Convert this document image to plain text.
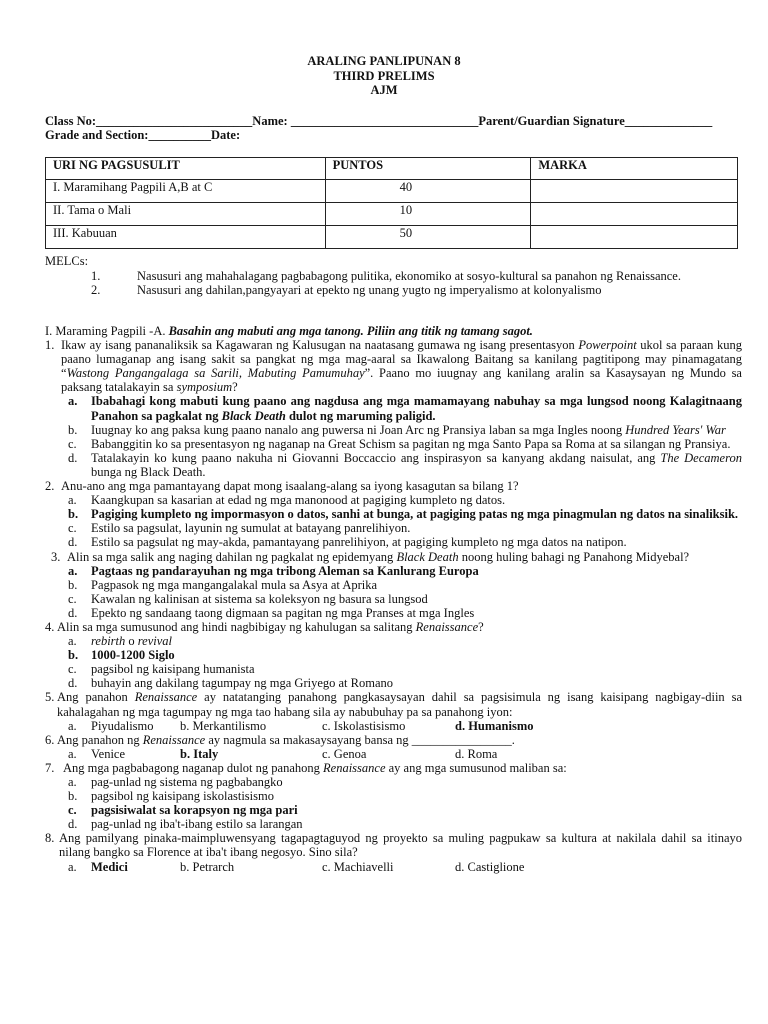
ARALING PANLIPUNAN 8
THIRD PRELIMS
AJM
Class No:_________________________Name: ______________________________Parent/Guardian Signature______________
Grade and Section:__________Date:
URI NG PAGSUSULIT	PUNTOS	MARKA
I. Maramihang Pagpili A,B at C	40	
II. Tama o Mali	10	
III. Kabuuan	50	
MELCs:
1.	Nasusuri ang mahahalagang pagbabagong pulitika, ekonomiko at sosyo-kultural sa panahon ng Renaissance.
2.	Nasusuri ang dahilan,pangyayari at epekto ng unang yugto ng imperyalismo at kolonyalismo
I. Maraming Pagpili -A. Basahin ang mabuti ang mga tanong. Piliin ang titik ng tamang sagot.
1. Ikaw ay isang pananaliksik sa Kagawaran ng Kalusugan na naatasang gumawa ng isang presentasyon Powerpoint ukol sa paraan kung paano lumaganap ang isang sakit sa pangkat ng mga mag-aaral sa Ikawalong Baitang sa kanilang pagtitipong may pinamagatang “Wastong Pangangalaga sa Sarili, Mabuting Pamumuhay”. Paano mo iuugnay ang kanilang aralin sa Kasaysayan ng Mundo sa paksang tatalakayin sa symposium?
a. Ibabahagi kong mabuti kung paano ang nagdusa ang mga mamamayang nabuhay sa mga lungsod noong Kalagitnaang Panahon sa pagkalat ng Black Death dulot ng maruming paligid.
b. Iuugnay ko ang paksa kung paano nanalo ang puwersa ni Joan Arc ng Pransiya laban sa mga Ingles noong Hundred Years' War
c. Babanggitin ko sa presentasyon ng naganap na Great Schism sa pagitan ng mga Santo Papa sa Roma at sa silangan ng Pransiya.
d. Tatalakayin ko kung paano nakuha ni Giovanni Boccaccio ang inspirasyon sa kanyang akdang naisulat, ang The Decameron bunga ng Black Death.
2. Anu-ano ang mga pamantayang dapat mong isaalang-alang sa iyong kasagutan sa bilang 1?
a. Kaangkupan sa kasarian at edad ng mga manonood at pagiging kumpleto ng datos.
b. Pagiging kumpleto ng impormasyon o datos, sanhi at bunga, at pagiging patas ng mga pinagmulan ng datos na sinaliksik.
c. Estilo sa pagsulat, layunin ng sumulat at batayang panrelihiyon.
d. Estilo sa pagsulat ng may-akda, pamantayang panrelihiyon, at pagiging kumpleto ng mga datos na natipon.
3. Alin sa mga salik ang naging dahilan ng pagkalat ng epidemyang Black Death noong huling bahagi ng Panahong Midyebal?
a. Pagtaas ng pandarayuhan ng mga tribong Aleman sa Kanlurang Europa
b. Pagpasok ng mga mangangalakal mula sa Asya at Aprika
c. Kawalan ng kalinisan at sistema sa koleksyon ng basura sa lungsod
d. Epekto ng sandaang taong digmaan sa pagitan ng mga Pranses at mga Ingles
4. Alin sa mga sumusunod ang hindi nagbibigay ng kahulugan sa salitang Renaissance?
a. rebirth o revival
b. 1000-1200 Siglo
c. pagsibol ng kaisipang humanista
d. buhayin ang dakilang tagumpay ng mga Griyego at Romano
5. Ang panahon Renaissance ay natatanging panahong pangkasaysayan dahil sa pagsisimula ng isang kaisipang nagbigay-diin sa kahalagahan ng mga tagumpay ng mga tao habang sila ay nabubuhay pa sa panahong iyon:
a. Piyudalismo b. Merkantilismo	c. Iskolastisismo	d. Humanismo
6. Ang panahon ng Renaissance ay nagmula sa makasaysayang bansa ng ________________.
a. Venice	b. Italy	c. Genoa	d. Roma
7. Ang mga pagbabagong naganap dulot ng panahong Renaissance ay ang mga sumusunod maliban sa:
a. pag-unlad ng sistema ng pagbabangko
b. pagsibol ng kaisipang iskolastisismo
c. pagsisiwalat sa korapsyon ng mga pari
d. pag-unlad ng iba't-ibang estilo sa larangan
8. Ang pamilyang pinaka-maimpluwensyang tagapagtaguyod ng proyekto sa muling pagpukaw sa kultura at nakilala dahil sa itinayo nilang bangko sa Florence at iba't ibang negosyo. Sino sila?
a. Medici	b. Petrarch	c. Machiavelli	d. Castiglione
